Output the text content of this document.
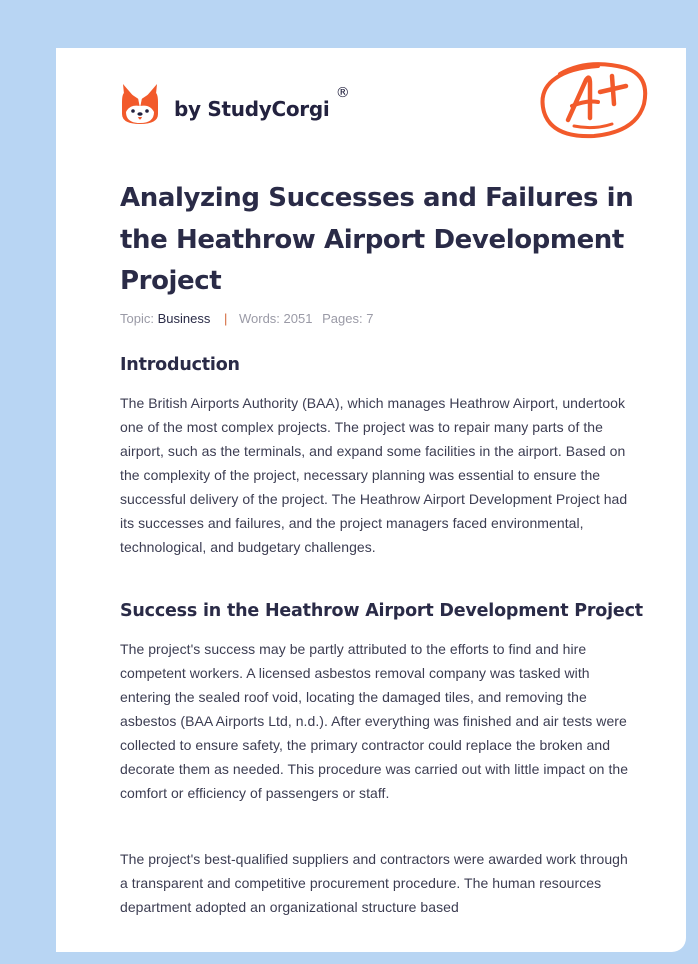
by StudyCorgi
®
Analyzing Successes and Failures in the Heathrow Airport Development Project
Topic: Business | Words: 2051 Pages: 7
Introduction

The British Airports Authority (BAA), which manages Heathrow Airport, undertook one of the most complex projects. The project was to repair many parts of the airport, such as the terminals, and expand some facilities in the airport. Based on the complexity of the project, necessary planning was essential to ensure the successful delivery of the project. The Heathrow Airport Development Project had its successes and failures, and the project managers faced environmental, technological, and budgetary challenges.

Success in the Heathrow Airport Development Project

The project's success may be partly attributed to the efforts to find and hire competent workers. A licensed asbestos removal company was tasked with entering the sealed roof void, locating the damaged tiles, and removing the asbestos (BAA Airports Ltd, n.d.). After everything was finished and air tests were collected to ensure safety, the primary contractor could replace the broken and decorate them as needed. This procedure was carried out with little impact on the comfort or efficiency of passengers or staff.

The project's best-qualified suppliers and contractors were awarded work through a transparent and competitive procurement procedure. The human resources department adopted an organizational structure based
